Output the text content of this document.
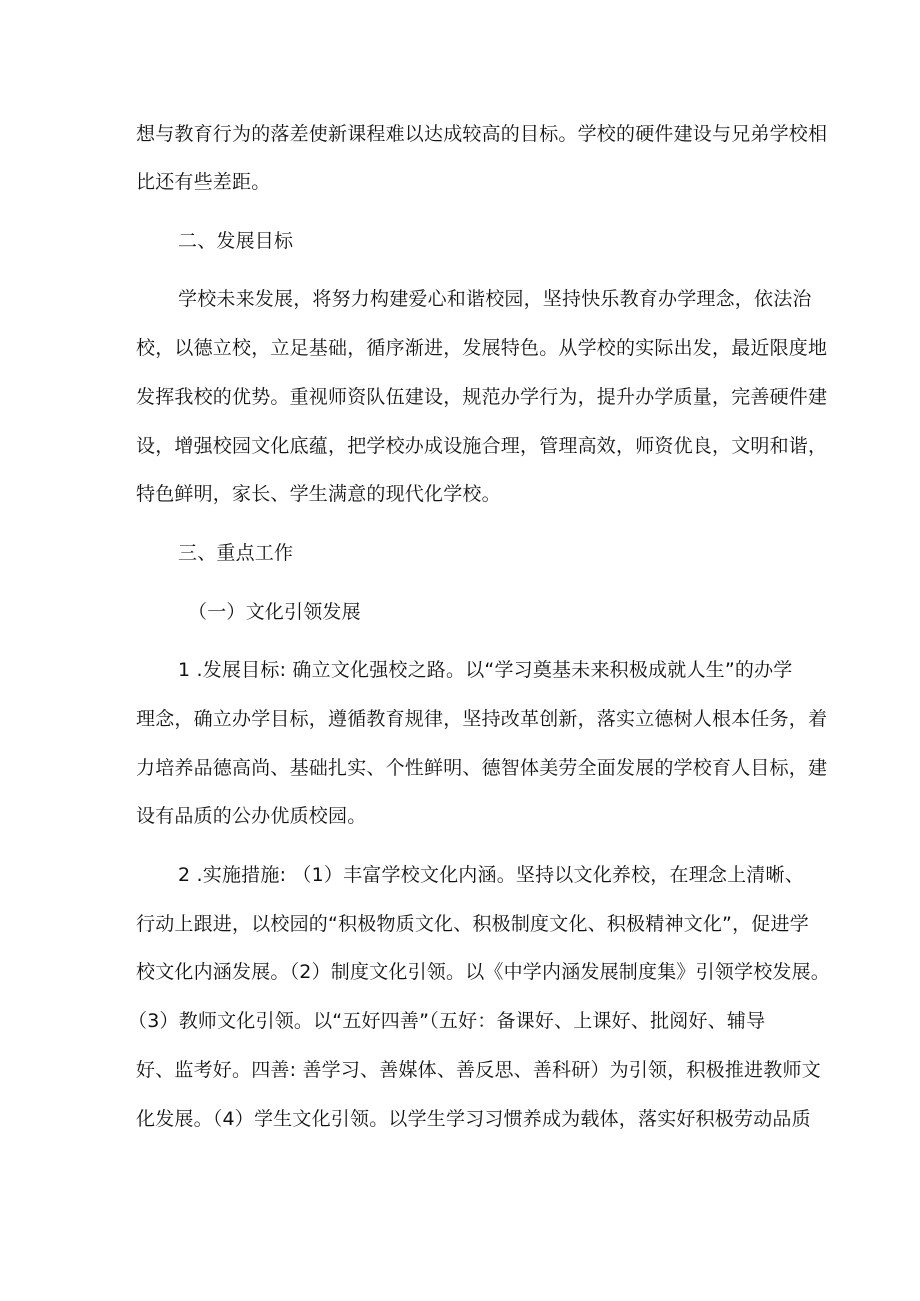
想与教育行为的落差使新课程难以达成较高的目标。学校的硬件建设与兄弟学校相

比还有些差距。

二、发展目标

学校未来发展，将努力构建爱心和谐校园，坚持快乐教育办学理念，依法治

校，以德立校，立足基础，循序渐进，发展特色。从学校的实际出发，最近限度地

发挥我校的优势。重视师资队伍建设，规范办学行为，提升办学质量，完善硬件建

设，增强校园文化底蕴，把学校办成设施合理，管理高效，师资优良，文明和谐，

特色鲜明，家长、学生满意的现代化学校。

三、重点工作

（一）文化引领发展

1 .发展目标: 确立文化强校之路。以“学习奠基未来积极成就人生”的办学

理念，确立办学目标，遵循教育规律，坚持改革创新，落实立德树人根本任务，着

力培养品德高尚、基础扎实、个性鲜明、德智体美劳全面发展的学校育人目标，建

设有品质的公办优质校园。

2 .实施措施: （1）丰富学校文化内涵。坚持以文化养校，在理念上清晰、

行动上跟进，以校园的“积极物质文化、积极制度文化、积极精神文化”，促进学

校文化内涵发展。（2）制度文化引领。以《中学内涵发展制度集》引领学校发展。

（3）教师文化引领。以“五好四善”（五好：备课好、上课好、批阅好、辅导

好、监考好。四善: 善学习、善媒体、善反思、善科研）为引领，积极推进教师文

化发展。（4）学生文化引领。以学生学习习惯养成为载体，落实好积极劳动品质
